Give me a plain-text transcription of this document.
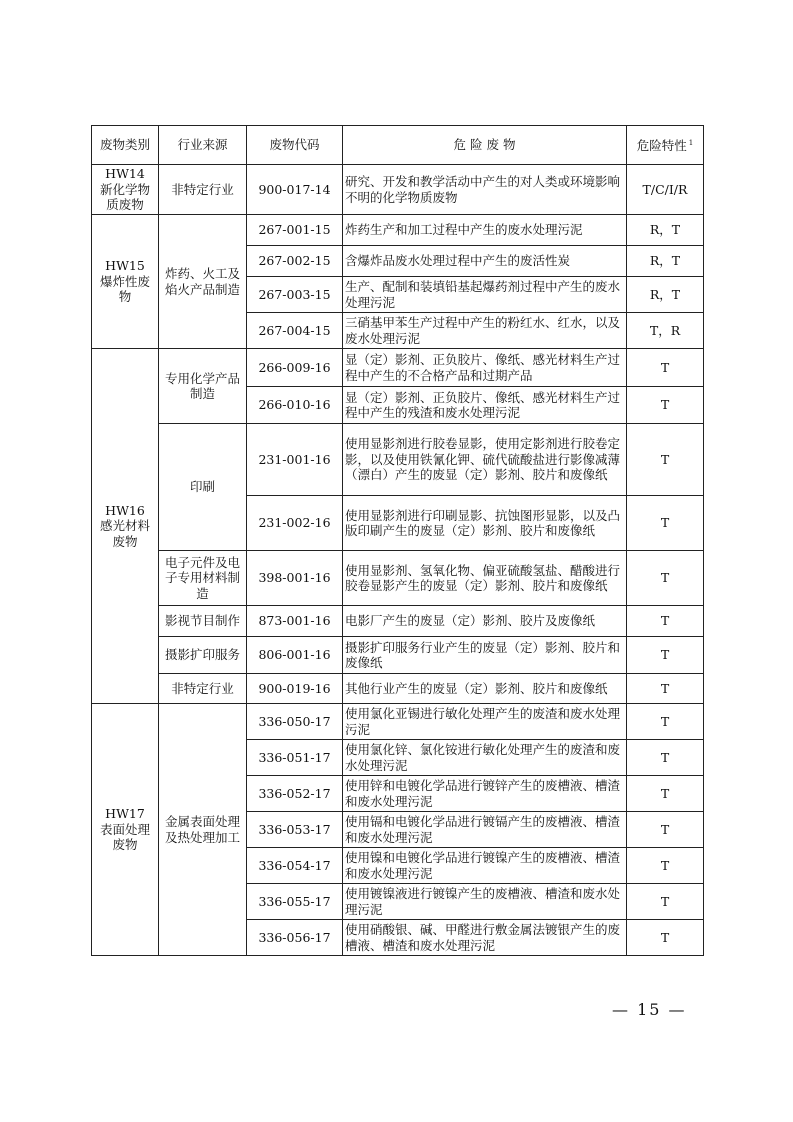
废物类别	行业来源	废物代码	危 险 废 物	危险特性 $^1$
HW14
新化学物
质废物	非特定行业	900-017-14	研究、开发和教学活动中产生的对人类或环境影响不明的化学物质废物	T/C/I/R
HW15
爆炸性废
物	炸药、火工及焰火产品制造	267-001-15	炸药生产和加工过程中产生的废水处理污泥	R，T
		267-002-15	含爆炸品废水处理过程中产生的废活性炭	R，T
		267-003-15	生产、配制和装填铅基起爆药剂过程中产生的废水处理污泥	R，T
		267-004-15	三硝基甲苯生产过程中产生的粉红水、红水，以及废水处理污泥	T，R
HW16
感光材料
废物	专用化学产品制造	266-009-16	显（定）影剂、正负胶片、像纸、感光材料生产过程中产生的不合格产品和过期产品	T
		266-010-16	显（定）影剂、正负胶片、像纸、感光材料生产过程中产生的残渣和废水处理污泥	T
	印刷	231-001-16	使用显影剂进行胶卷显影，使用定影剂进行胶卷定影，以及使用铁氰化钾、硫代硫酸盐进行影像减薄（漂白）产生的废显（定）影剂、胶片和废像纸	T
		231-002-16	使用显影剂进行印刷显影、抗蚀图形显影，以及凸版印刷产生的废显（定）影剂、胶片和废像纸	T
	电子元件及电子专用材料制造	398-001-16	使用显影剂、氢氧化物、偏亚硫酸氢盐、醋酸进行胶卷显影产生的废显（定）影剂、胶片和废像纸	T
	影视节目制作	873-001-16	电影厂产生的废显（定）影剂、胶片及废像纸	T
	摄影扩印服务	806-001-16	摄影扩印服务行业产生的废显（定）影剂、胶片和废像纸	T
	非特定行业	900-019-16	其他行业产生的废显（定）影剂、胶片和废像纸	T
HW17
表面处理
废物	金属表面处理及热处理加工	336-050-17	使用氯化亚锡进行敏化处理产生的废渣和废水处理污泥	T
		336-051-17	使用氯化锌、氯化铵进行敏化处理产生的废渣和废水处理污泥	T
		336-052-17	使用锌和电镀化学品进行镀锌产生的废槽液、槽渣和废水处理污泥	T
		336-053-17	使用镉和电镀化学品进行镀镉产生的废槽液、槽渣和废水处理污泥	T
		336-054-17	使用镍和电镀化学品进行镀镍产生的废槽液、槽渣和废水处理污泥	T
		336-055-17	使用镀镍液进行镀镍产生的废槽液、槽渣和废水处理污泥	T
		336-056-17	使用硝酸银、碱、甲醛进行敷金属法镀银产生的废槽液、槽渣和废水处理污泥	T
— 15 —
